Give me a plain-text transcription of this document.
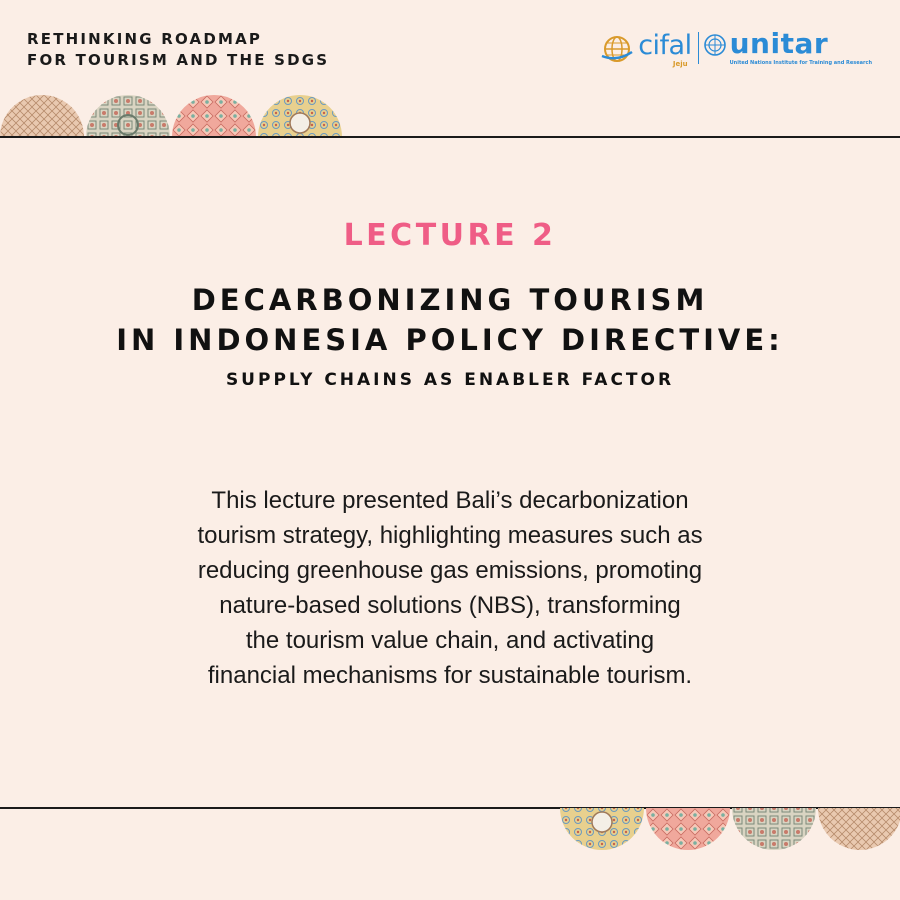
RETHINKING ROADMAP
FOR TOURISM AND THE SDGS	cifal
Jeju
unitar
United Nations Institute for Training and Research
LECTURE 2
DECARBONIZING TOURISM
IN INDONESIA POLICY DIRECTIVE:
SUPPLY CHAINS AS ENABLER FACTOR
This lecture presented Bali’s decarbonization
tourism strategy, highlighting measures such as
reducing greenhouse gas emissions, promoting
nature-based solutions (NBS), transforming
the tourism value chain, and activating
financial mechanisms for sustainable tourism.
